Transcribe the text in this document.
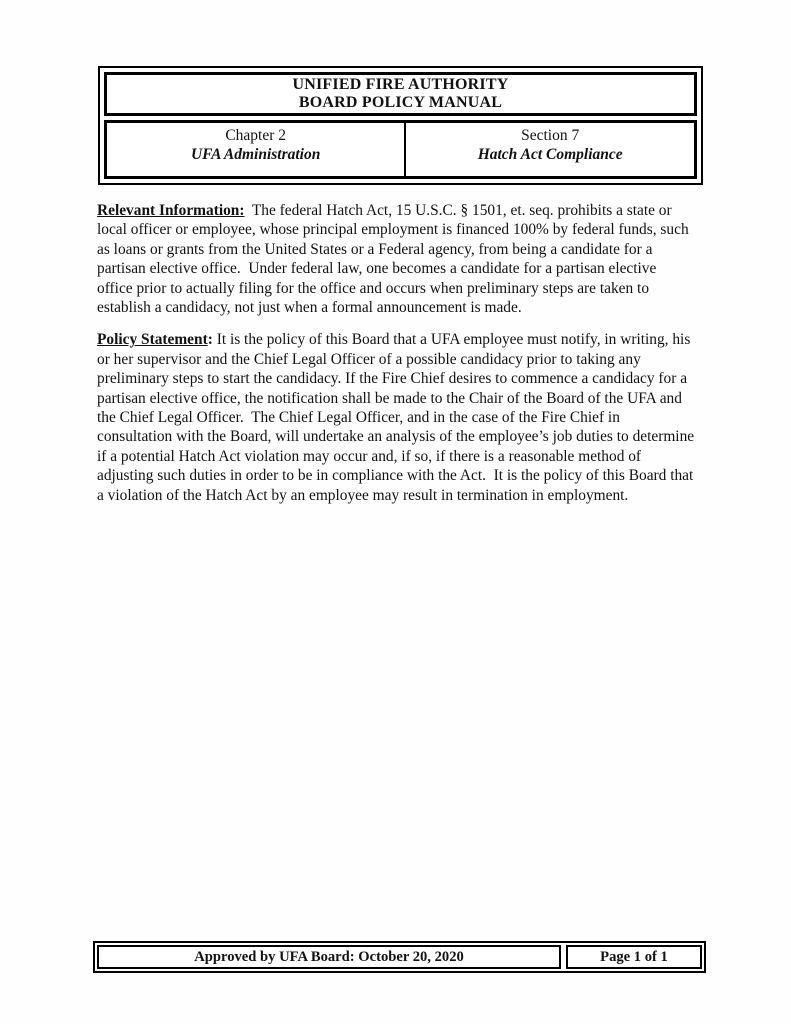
UNIFIED FIRE AUTHORITY
BOARD POLICY MANUAL
Chapter 2
UFA Administration
Section 7
Hatch Act Compliance

Relevant Information:  The federal Hatch Act, 15 U.S.C. § 1501, et. seq. prohibits a state or local officer or employee, whose principal employment is financed 100% by federal funds, such  as loans or grants from the United States or a Federal agency, from being a candidate for a  partisan elective office.  Under federal law, one becomes a candidate for a partisan elective  office prior to actually filing for the office and occurs when preliminary steps are taken to  establish a candidacy, not just when a formal announcement is made.

Policy Statement: It is the policy of this Board that a UFA employee must notify, in writing, his  or her supervisor and the Chief Legal Officer of a possible candidacy prior to taking any preliminary steps to start the candidacy. If the Fire Chief desires to commence a candidacy for a  partisan elective office, the notification shall be made to the Chair of the Board of the UFA and  the Chief Legal Officer.  The Chief Legal Officer, and in the case of the Fire Chief in consultation with the Board, will undertake an analysis of the employee’s job duties to determine  if a potential Hatch Act violation may occur and, if so, if there is a reasonable method of adjusting such duties in order to be in compliance with the Act.  It is the policy of this Board that  a violation of the Hatch Act by an employee may result in termination in employment.

Approved by UFA Board: October 20, 2020	Page 1 of 1
